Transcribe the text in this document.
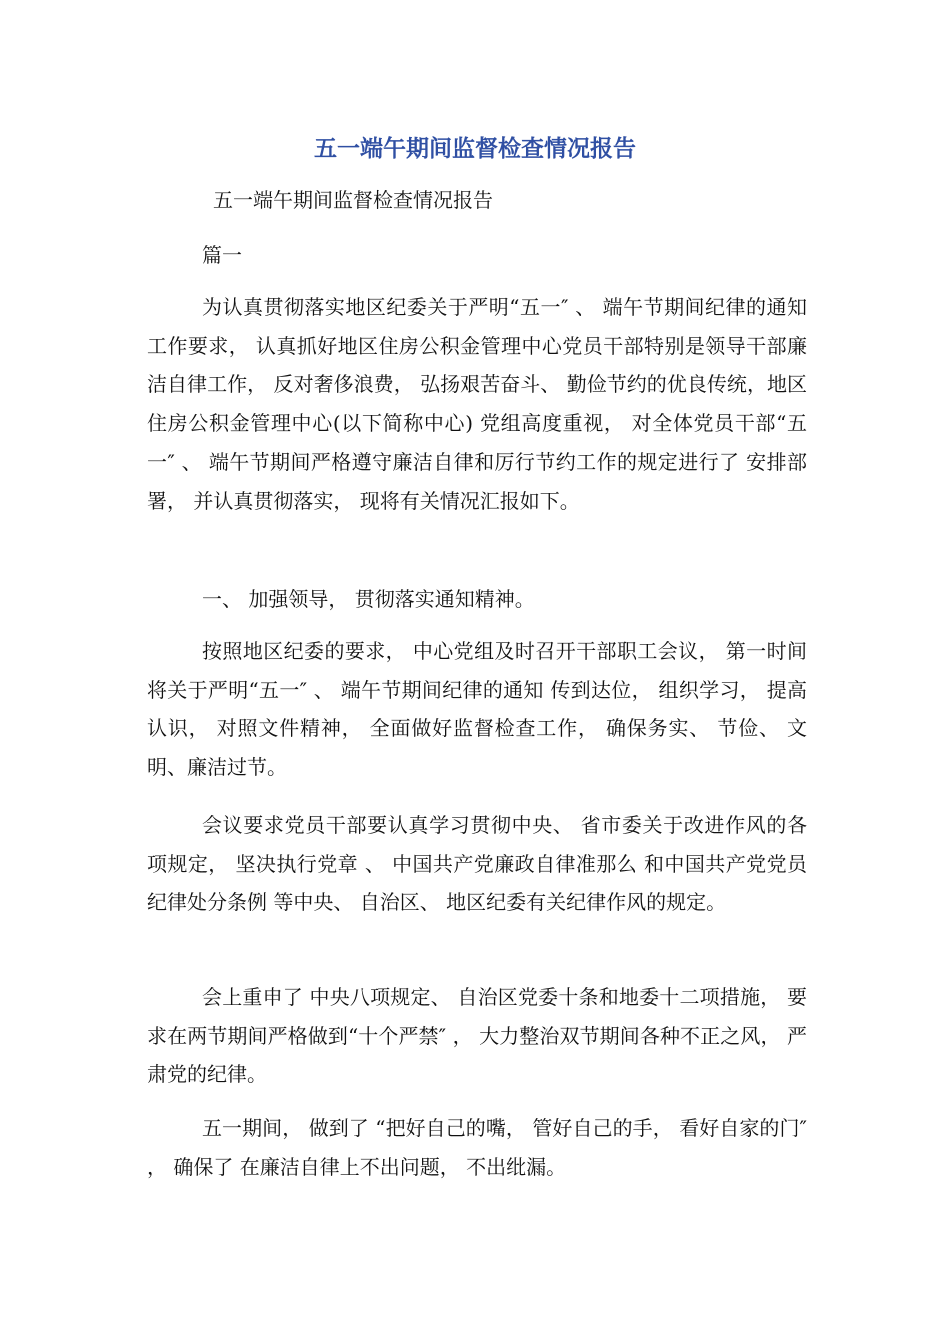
五一端午期间监督检查情况报告

五一端午期间监督检查情况报告

篇一

为认真贯彻落实地区纪委关于严明“五一″ 、 端午节期间纪律的通知 工作要求， 认真抓好地区住房公积金管理中心党员干部特别是领导干部廉洁自律工作， 反对奢侈浪费， 弘扬艰苦奋斗、 勤俭节约的优良传统，地区住房公积金管理中心(以下简称中心) 党组高度重视， 对全体党员干部“五一″ 、 端午节期间严格遵守廉洁自律和厉行节约工作的规定进行了 安排部署， 并认真贯彻落实， 现将有关情况汇报如下。

一、 加强领导， 贯彻落实通知精神。

按照地区纪委的要求， 中心党组及时召开干部职工会议， 第一时间将关于严明“五一″ 、 端午节期间纪律的通知 传到达位， 组织学习， 提高认识， 对照文件精神， 全面做好监督检查工作， 确保务实、 节俭、 文明、廉洁过节。

会议要求党员干部要认真学习贯彻中央、 省市委关于改进作风的各项规定， 坚决执行党章 、 中国共产党廉政自律准那么 和中国共产党党员纪律处分条例 等中央、 自治区、 地区纪委有关纪律作风的规定。

会上重申了 中央八项规定、 自治区党委十条和地委十二项措施， 要求在两节期间严格做到“十个严禁″ ， 大力整治双节期间各种不正之风， 严肃党的纪律。

五一期间， 做到了 “把好自己的嘴， 管好自己的手， 看好自家的门″ ， 确保了 在廉洁自律上不出问题， 不出纰漏。
